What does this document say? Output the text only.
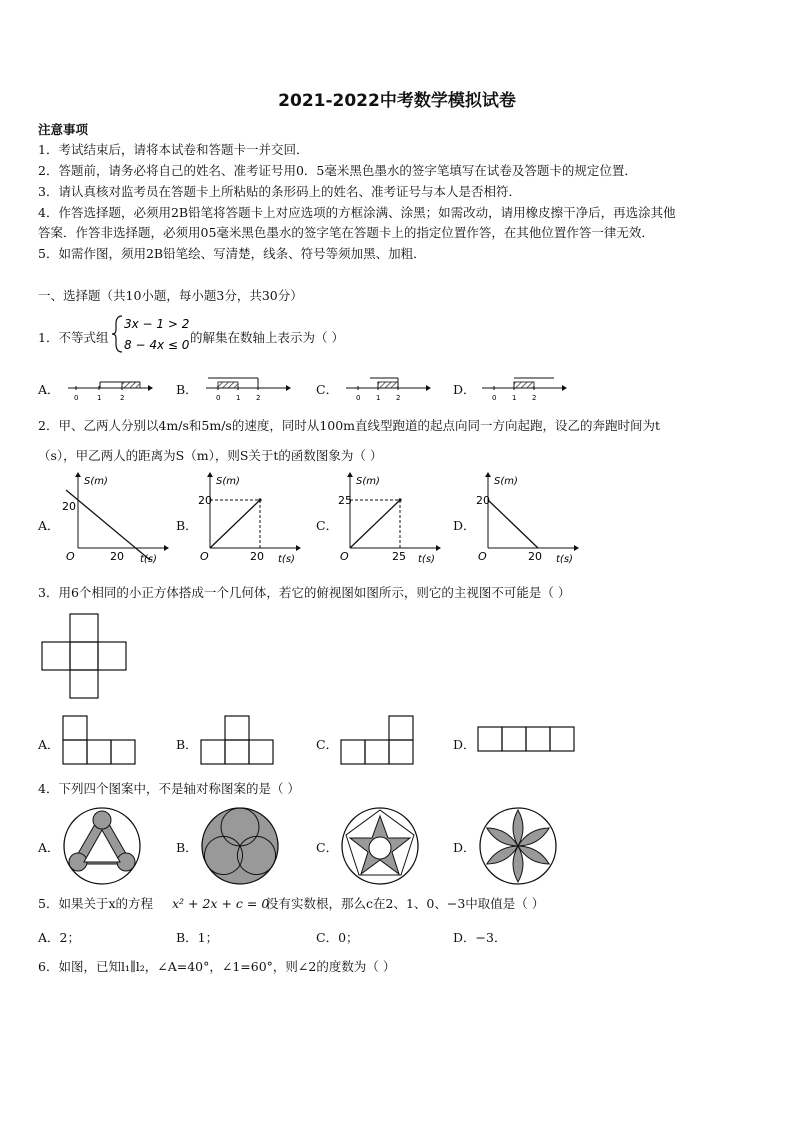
2021-2022中考数学模拟试卷
注意事项
1．考试结束后，请将本试卷和答题卡一并交回．
2．答题前，请务必将自己的姓名、准考证号用0．5毫米黑色墨水的签字笔填写在试卷及答题卡的规定位置．
3．请认真核对监考员在答题卡上所粘贴的条形码上的姓名、准考证号与本人是否相符．
4．作答选择题，必须用2B铅笔将答题卡上对应选项的方框涂满、涂黑；如需改动，请用橡皮擦干净后，再选涂其他
答案．作答非选择题，必须用05毫米黑色墨水的签字笔在答题卡上的指定位置作答，在其他位置作答一律无效．
5．如需作图，须用2B铅笔绘、写清楚，线条、符号等须加黑、加粗．
一、选择题（共10小题，每小题3分，共30分）
1．不等式组
3x − 1 > 2
8 − 4x ≤ 0 的解集在数轴上表示为（ ）
A．	B．	C．	D．
0	1	2	0 1 2	0 1 2	0 1 2
2．甲、乙两人分别以4m/s和5m/s的速度，同时从100m直线型跑道的起点向同一方向起跑，设乙的奔跑时间为t
（s），甲乙两人的距离为S（m），则S关于t的函数图象为（ ）
A．	B．	C．	D．
S(m)
20
O	20 t(s)
S(m)
20
O	20 t(s)
S(m)
25
O	25 t(s)
S(m)
20
O	20 t(s)
3．用6个相同的小正方体搭成一个几何体，若它的俯视图如图所示，则它的主视图不可能是（ ）
A．	B．	C．	D．
4．下列四个图案中，不是轴对称图案的是（ ）
A．	B．	C．	D．
5．如果关于x的方程 x² + 2x + c = 0
没有实数根，那么c在2、1、0、−3中取值是（ ）
A．2；	B．1；	C．0；	D．−3．
6．如图，已知l₁∥l₂，∠A=40°，∠1=60°，则∠2的度数为（ ）
